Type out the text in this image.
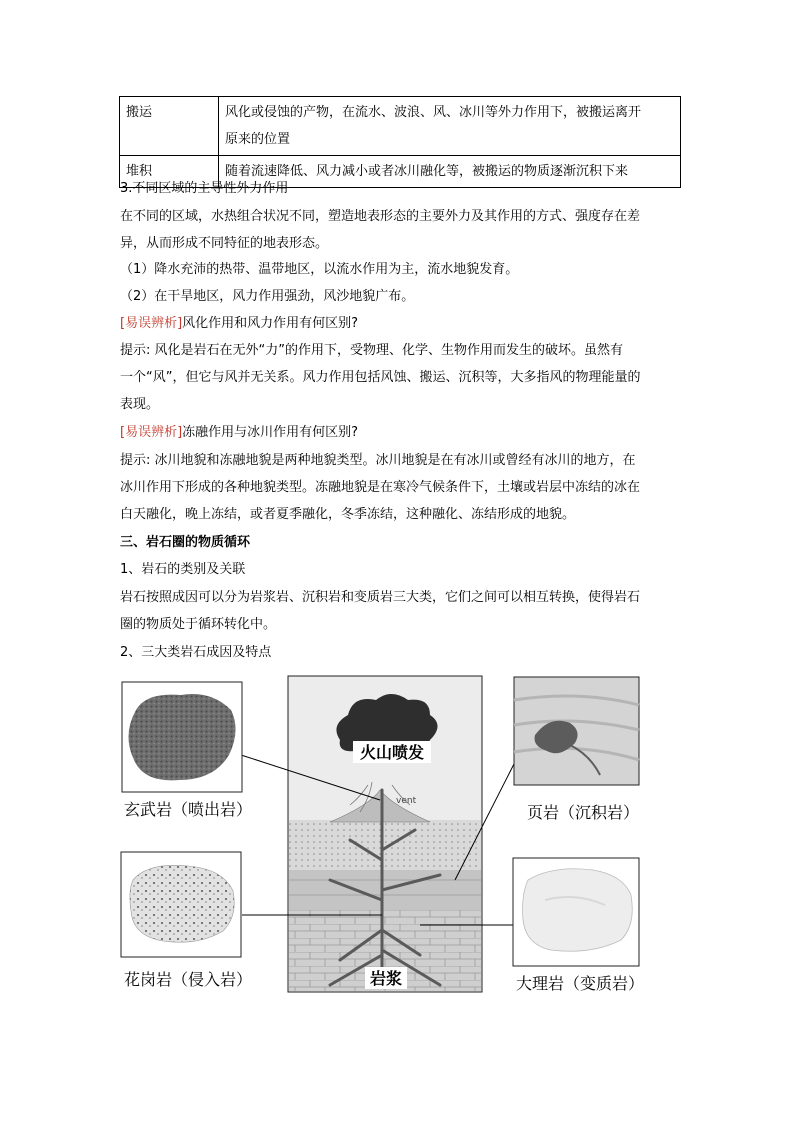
搬运	风化或侵蚀的产物，在流水、波浪、风、冰川等外力作用下，被搬运离开
原来的位置

堆积	随着流速降低、风力减小或者冰川融化等，被搬运的物质逐渐沉积下来
3.不同区域的主导性外力作用
在不同的区域，水热组合状况不同，塑造地表形态的主要外力及其作用的方式、强度存在差
异，从而形成不同特征的地表形态。
（1）降水充沛的热带、温带地区，以流水作用为主，流水地貌发育。
（2）在干旱地区，风力作用强劲，风沙地貌广布。
[易误辨析]风化作用和风力作用有何区别?
提示: 风化是岩石在无外“力”的作用下，受物理、化学、生物作用而发生的破坏。虽然有
一个“风”，但它与风并无关系。风力作用包括风蚀、搬运、沉积等，大多指风的物理能量的
表现。
[易误辨析]冻融作用与冰川作用有何区别?
提示: 冰川地貌和冻融地貌是两种地貌类型。冰川地貌是在有冰川或曾经有冰川的地方，在
冰川作用下形成的各种地貌类型。冻融地貌是在寒冷气候条件下，土壤或岩层中冻结的冰在
白天融化，晚上冻结，或者夏季融化，冬季冻结，这种融化、冻结形成的地貌。
三、岩石圈的物质循环
1、岩石的类别及关联
岩石按照成因可以分为岩浆岩、沉积岩和变质岩三大类，它们之间可以相互转换，使得岩石
圈的物质处于循环转化中。
2、三大类岩石成因及特点
火山喷发
vent
岩浆
玄武岩（喷出岩）	页岩（沉积岩）
花岗岩（侵入岩）	大理岩（变质岩）
